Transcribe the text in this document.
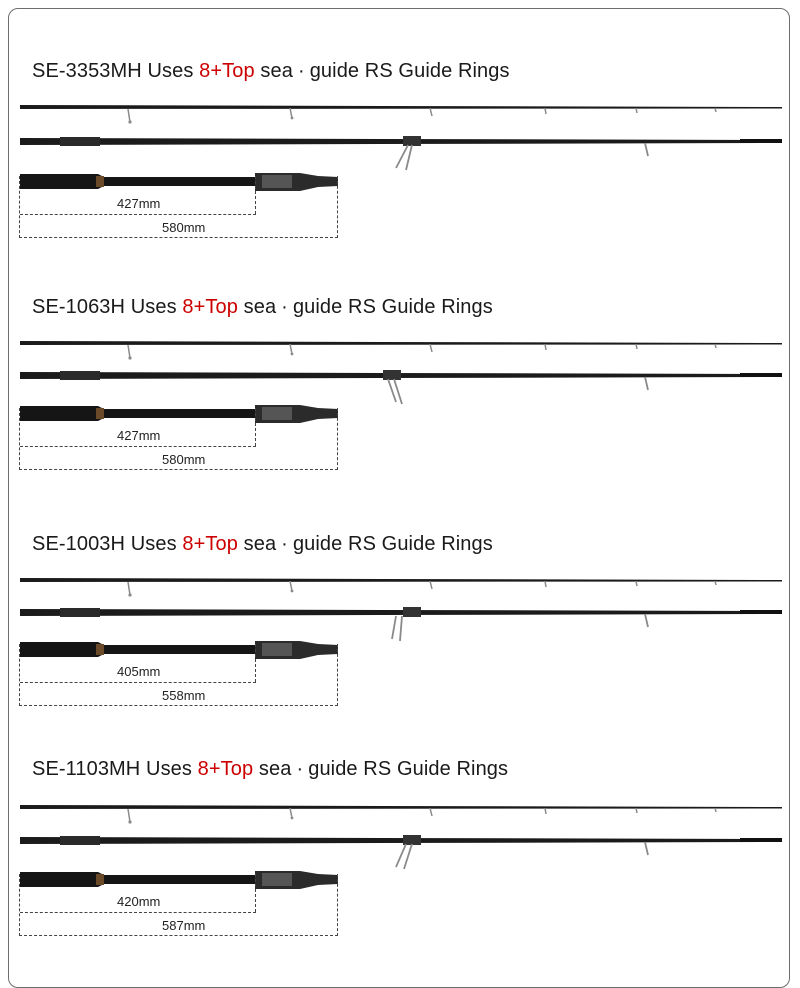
SE-3353MH Uses 8+Top sea · guide RS Guide Rings
427mm
580mm
SE-1063H Uses 8+Top sea · guide RS Guide Rings
427mm
580mm
SE-1003H Uses 8+Top sea · guide RS Guide Rings
405mm
558mm
SE-1103MH Uses 8+Top sea · guide RS Guide Rings
420mm
587mm
